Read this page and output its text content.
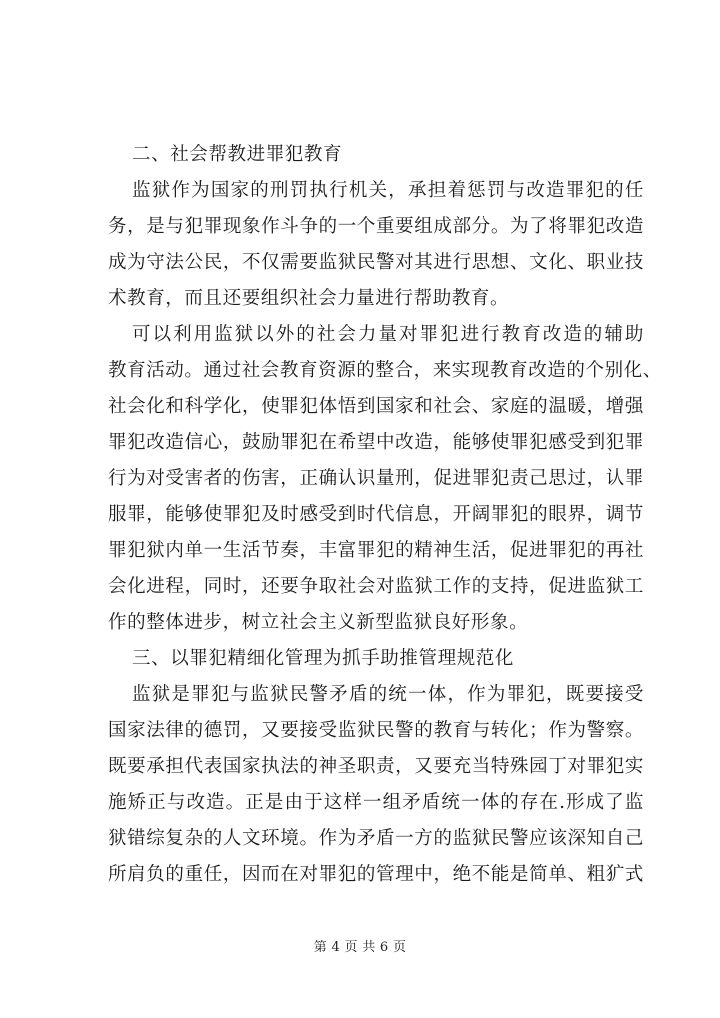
二、社会帮教进罪犯教育
监狱作为国家的刑罚执行机关，承担着惩罚与改造罪犯的任
务，是与犯罪现象作斗争的一个重要组成部分。为了将罪犯改造
成为守法公民，不仅需要监狱民警对其进行思想、文化、职业技
术教育，而且还要组织社会力量进行帮助教育。
可以利用监狱以外的社会力量对罪犯进行教育改造的辅助
教育活动。通过社会教育资源的整合，来实现教育改造的个别化、
社会化和科学化，使罪犯体悟到国家和社会、家庭的温暖，增强
罪犯改造信心，鼓励罪犯在希望中改造，能够使罪犯感受到犯罪
行为对受害者的伤害，正确认识量刑，促进罪犯责己思过，认罪
服罪，能够使罪犯及时感受到时代信息，开阔罪犯的眼界，调节
罪犯狱内单一生活节奏，丰富罪犯的精神生活，促进罪犯的再社
会化进程，同时，还要争取社会对监狱工作的支持，促进监狱工
作的整体进步，树立社会主义新型监狱良好形象。
三、以罪犯精细化管理为抓手助推管理规范化
监狱是罪犯与监狱民警矛盾的统一体，作为罪犯，既要接受
国家法律的德罚，又要接受监狱民警的教育与转化；作为警察。
既要承担代表国家执法的神圣职责，又要充当特殊园丁对罪犯实
施矫正与改造。正是由于这样一组矛盾统一体的存在.形成了监
狱错综复杂的人文环境。作为矛盾一方的监狱民警应该深知自己
所肩负的重任，因而在对罪犯的管理中，绝不能是简单、粗犷式
第 4 页 共 6 页
